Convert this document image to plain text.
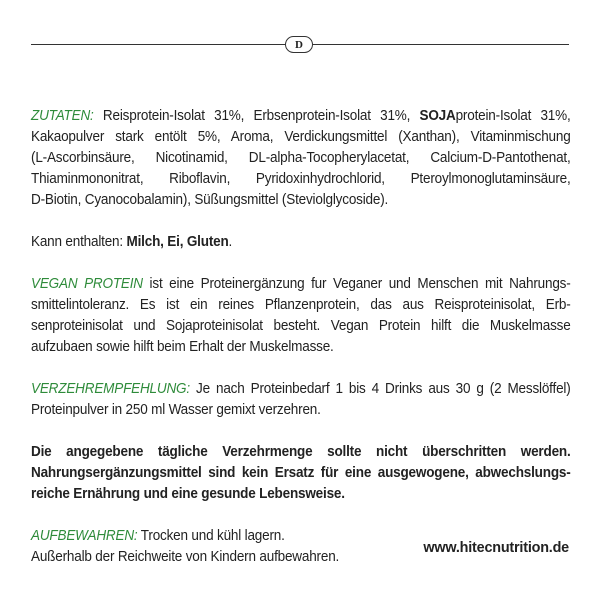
D

ZUTATEN: Reisprotein-Isolat 31%, Erbsenprotein-Isolat 31%, SOJAprotein-Isolat 31%,
Kakaopulver stark entölt 5%, Aroma, Verdickungsmittel (Xanthan), Vitaminmischung
(L-Ascorbinsäure, Nicotinamid, DL-alpha-Tocopherylacetat, Calcium-D-Pantothenat,
Thiaminmononitrat, Riboflavin, Pyridoxinhydrochlorid, Pteroylmonoglutaminsäure,
D-Biotin, Cyanocobalamin), Süßungsmittel (Steviolglycoside).

Kann enthalten: Milch, Ei, Gluten.

VEGAN PROTEIN ist eine Proteinergänzung fur Veganer und Menschen mit Nahrungs-
smittelintoleranz. Es ist ein reines Pflanzenprotein, das aus Reisproteinisolat, Erb-
senproteinisolat und Sojaproteinisolat besteht. Vegan Protein hilft die Muskelmasse
aufzubaen sowie hilft beim Erhalt der Muskelmasse.

VERZEHREMPFEHLUNG: Je nach Proteinbedarf 1 bis 4 Drinks aus 30 g (2 Messlöffel)
Proteinpulver in 250 ml Wasser gemixt verzehren.

Die angegebene tägliche Verzehrmenge sollte nicht überschritten werden.
Nahrungsergänzungsmittel sind kein Ersatz für eine ausgewogene, abwechslungs-
reiche Ernährung und eine gesunde Lebensweise.

AUFBEWAHREN: Trocken und kühl lagern.
Außerhalb der Reichweite von Kindern aufbewahren.

www.hitecnutrition.de
